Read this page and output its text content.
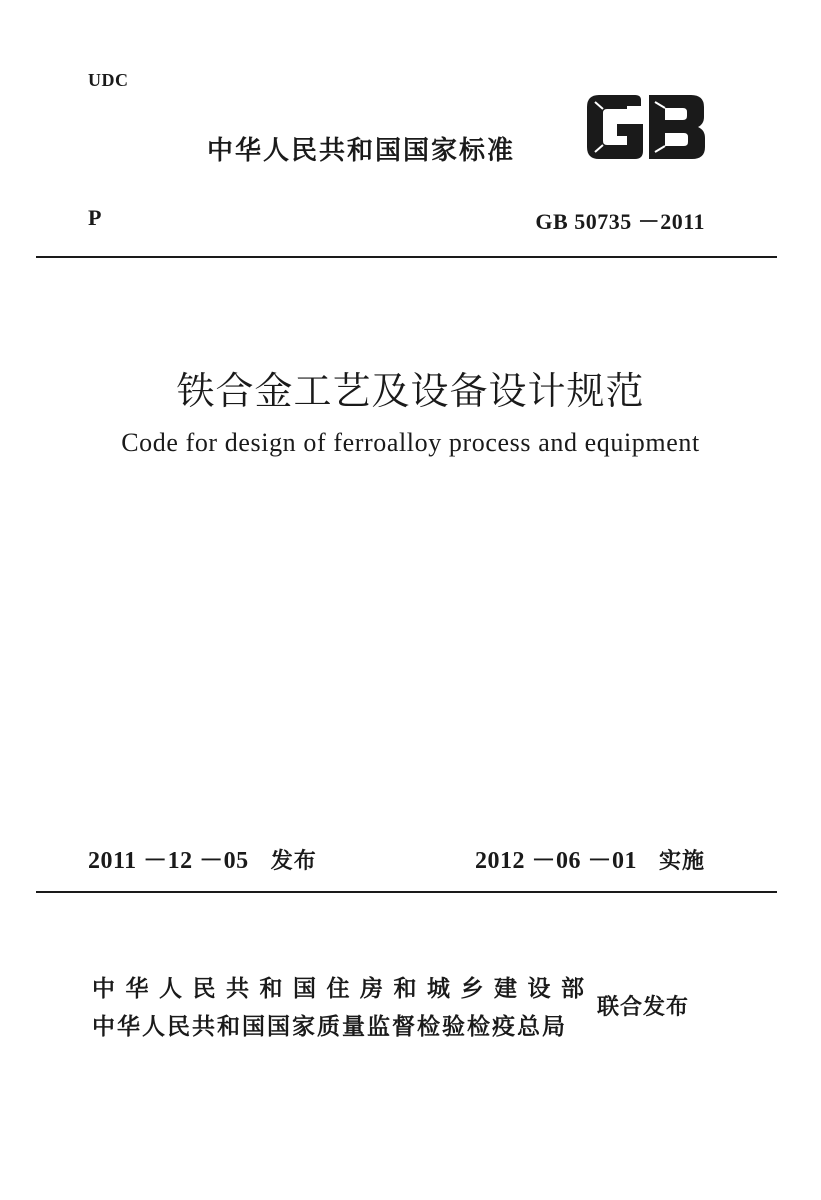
UDC

中华人民共和国国家标准

P	GB 50735 －2011

铁合金工艺及设备设计规范

Code for design of ferroalloy process and equipment

2011 －12 －05 发布	2012 －06 －01 实施

中华人民共和国住房和城乡建设部

中华人民共和国国家质量监督检验检疫总局

联合发布
